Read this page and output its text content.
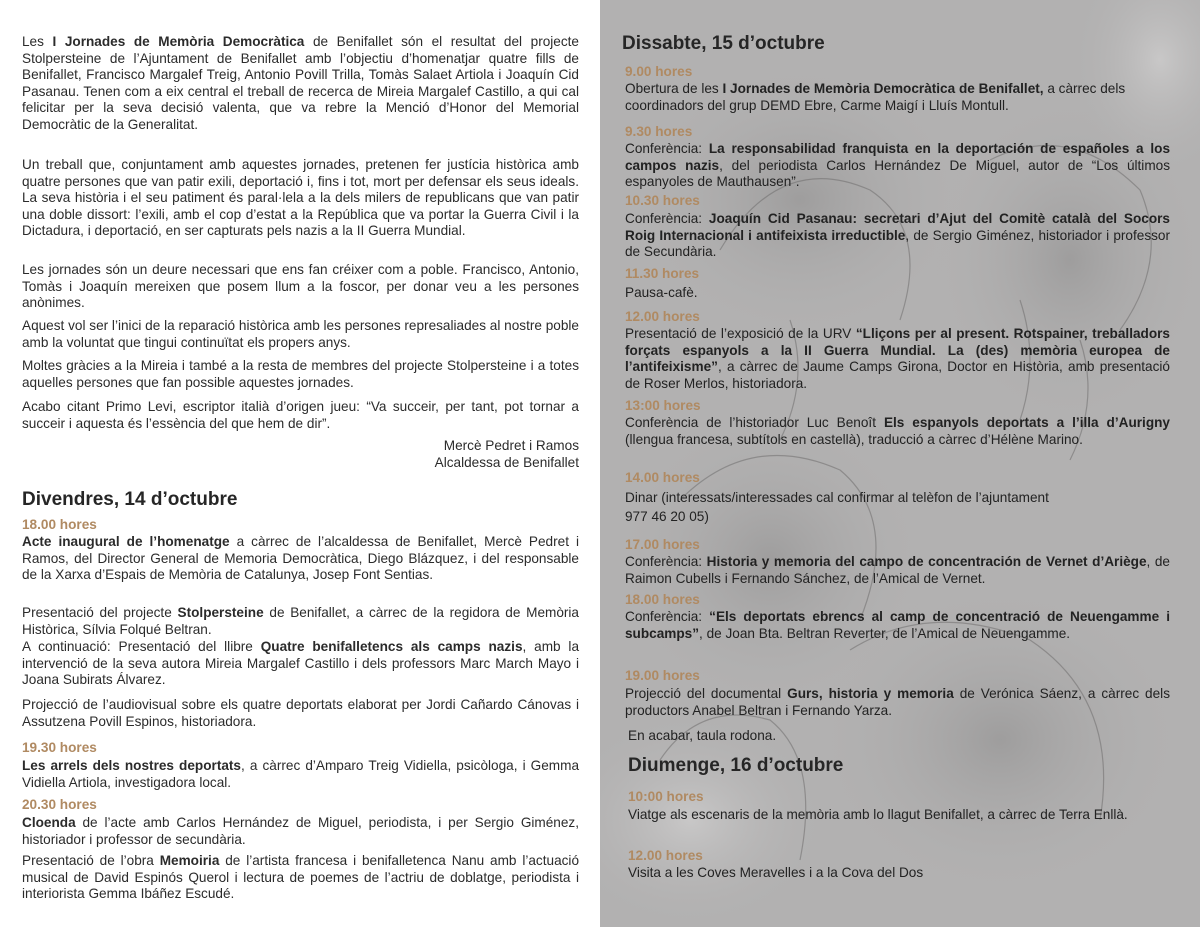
Les I Jornades de Memòria Democràtica de Benifallet són el resultat del projecte Stolpersteine de l’Ajuntament de Benifallet amb l’objectiu d’homenatjar quatre fills de Benifallet, Francisco Margalef Treig, Antonio Povill Trilla, Tomàs Salaet Artiola i Joaquín Cid Pasanau. Tenen com a eix central el treball de recerca de Mireia Margalef Castillo, a qui cal felicitar per la seva decisió valenta, que va rebre la Menció d’Honor del Memorial Democràtic de la Generalitat.

Un treball que, conjuntament amb aquestes jornades, pretenen fer justícia històrica amb quatre persones que van patir exili, deportació i, fins i tot, mort per defensar els seus ideals. La seva història i el seu patiment és paral·lela a la dels milers de republicans que van patir una doble dissort: l’exili, amb el cop d’estat a la República que va portar la Guerra Civil i la Dictadura, i deportació, en ser capturats pels nazis a la II Guerra Mundial.

Les jornades són un deure necessari que ens fan créixer com a poble. Francisco, Antonio, Tomàs i Joaquín mereixen que posem llum a la foscor, per donar veu a les persones anònimes.

Aquest vol ser l’inici de la reparació històrica amb les persones represaliades al nostre poble amb la voluntat que tingui continuïtat els propers anys.

Moltes gràcies a la Mireia i també a la resta de membres del projecte Stolpersteine i a totes aquelles persones que fan possible aquestes jornades.

Acabo citant Primo Levi, escriptor italià d’origen jueu: “Va succeir, per tant, pot tornar a succeir i aquesta és l’essència del que hem de dir”.

Mercè Pedret i Ramos
Alcaldessa de Benifallet
Divendres, 14 d’octubre
18.00 hores

Acte inaugural de l’homenatge a càrrec de l’alcaldessa de Benifallet, Mercè Pedret i Ramos, del Director General de Memoria Democràtica, Diego Blázquez, i del responsable de la Xarxa d’Espais de Memòria de Catalunya, Josep Font Sentias.

Presentació del projecte Stolpersteine de Benifallet, a càrrec de la regidora de Memòria Històrica, Sílvia Folqué Beltran.

A continuació: Presentació del llibre Quatre benifalletencs als camps nazis, amb la intervenció de la seva autora Mireia Margalef Castillo i dels professors Marc March Mayo i Joana Subirats Álvarez.

Projecció de l’audiovisual sobre els quatre deportats elaborat per Jordi Cañardo Cánovas i Assutzena Povill Espinos, historiadora.

19.30 hores

Les arrels dels nostres deportats, a càrrec d’Amparo Treig Vidiella, psicòloga, i Gemma Vidiella Artiola, investigadora local.

20.30 hores

Cloenda de l’acte amb Carlos Hernández de Miguel, periodista, i per Sergio Giménez, historiador i professor de secundària.

Presentació de l’obra Memoiria de l’artista francesa i benifalletenca Nanu amb l’actuació musical de David Espinós Querol i lectura de poemes de l’actriu de doblatge, periodista i interiorista Gemma Ibáñez Escudé.

Dissabte, 15 d’octubre
9.00 hores

Obertura de les I Jornades de Memòria Democràtica de Benifallet, a càrrec dels coordinadors del grup DEMD Ebre, Carme Maigí i Lluís Montull.

9.30 hores

Conferència: La responsabilidad franquista en la deportación de españoles a los campos nazis, del periodista Carlos Hernández De Miguel, autor de “Los últimos espanyoles de Mauthausen”.

10.30 hores

Conferència: Joaquín Cid Pasanau: secretari d’Ajut del Comitè català del Socors Roig Internacional i antifeixista irreductible, de Sergio Giménez, historiador i professor de Secundària.

11.30 hores

Pausa-cafè.

12.00 hores

Presentació de l’exposició de la URV “Lliçons per al present. Rotspainer, treballadors forçats espanyols a la II Guerra Mundial. La (des) memòria europea de l’antifeixisme”, a càrrec de Jaume Camps Girona, Doctor en Història, amb presentació de Roser Merlos, historiadora.

13:00 hores

Conferència de l’historiador Luc Benoît Els espanyols deportats a l’illa d’Aurigny (llengua francesa, subtítols en castellà), traducció a càrrec d’Hélène Marino.

14.00 hores
Dinar (interessats/interessades cal confirmar al telèfon de l’ajuntament
977 46 20 05)
17.00 hores

Conferència: Historia y memoria del campo de concentración de Vernet d’Ariège, de Raimon Cubells i Fernando Sánchez, de l’Amical de Vernet.

18.00 hores

Conferència: “Els deportats ebrencs al camp de concentració de Neuengamme i subcamps”, de Joan Bta. Beltran Reverter, de l’Amical de Neuengamme.

19.00 hores

Projecció del documental Gurs, historia y memoria de Verónica Sáenz, a càrrec dels productors Anabel Beltran i Fernando Yarza.

En acabar, taula rodona.

Diumenge, 16 d’octubre
10:00 hores

Viatge als escenaris de la memòria amb lo llagut Benifallet, a càrrec de Terra Enllà.

12.00 hores

Visita a les Coves Meravelles i a la Cova del Dos
